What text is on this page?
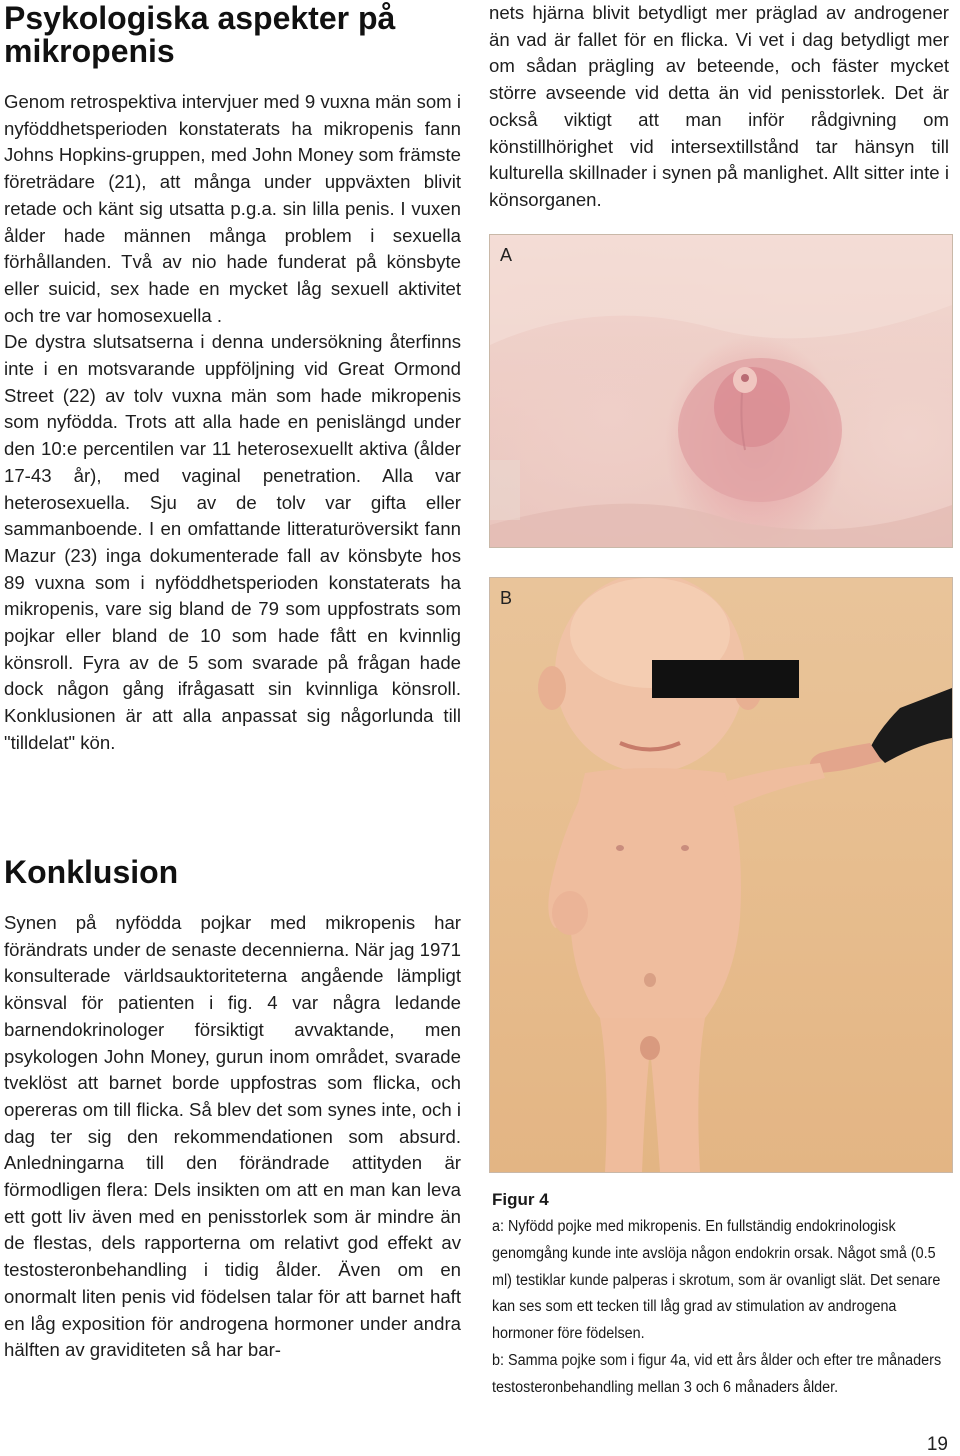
Psykologiska aspekter på mikropenis

Genom retrospektiva intervjuer med 9 vuxna män som i nyföddhetsperioden konstaterats ha mikropenis fann Johns Hopkins-gruppen, med John Money som främste företrädare (21), att många under uppväxten blivit retade och känt sig utsatta p.g.a. sin lilla penis. I vuxen ålder hade männen många problem i sexuella förhållanden. Två av nio hade funderat på könsbyte eller suicid, sex hade en mycket låg sexuell aktivitet och tre var homosexuella .

De dystra slutsatserna i denna undersökning återfinns inte i en motsvarande uppföljning vid Great Ormond Street (22) av tolv vuxna män som hade mikropenis som nyfödda. Trots att alla hade en penislängd under den 10:e percentilen var 11 heterosexuellt aktiva (ålder 17-43 år), med vaginal penetration. Alla var heterosexuella. Sju av de tolv var gifta eller sammanboende. I en omfattande litteraturöversikt fann Mazur (23) inga dokumenterade fall av könsbyte hos 89 vuxna som i nyföddhetsperioden konstaterats ha mikropenis, vare sig bland de 79 som uppfostrats som pojkar eller bland de 10 som hade fått en kvinnlig könsroll. Fyra av de 5 som svarade på frågan hade dock någon gång ifrågasatt sin kvinnliga könsroll. Konklusionen är att alla anpassat sig någorlunda till "tilldelat" kön.

Konklusion

Synen på nyfödda pojkar med mikropenis har förändrats under de senaste decennierna. När jag 1971 konsulterade världsauktoriteterna angående lämpligt könsval för patienten i fig. 4 var några ledande barnendokrinologer försiktigt avvaktande, men psykologen John Money, gurun inom området, svarade tveklöst att barnet borde uppfostras som flicka, och opereras om till flicka. Så blev det som synes inte, och i dag ter sig den rekommendationen som absurd. Anledningarna till den förändrade attityden är förmodligen flera: Dels insikten om att en man kan leva ett gott liv även med en penisstorlek som är mindre än de flestas, dels rapporterna om relativt god effekt av testosteronbehandling i tidig ålder. Även om en onormalt liten penis vid födelsen talar för att barnet haft en låg exposition för androgena hormoner under andra hälften av graviditeten så har bar-

nets hjärna blivit betydligt mer präglad av androgener än vad är fallet för en flicka. Vi vet i dag betydligt mer om sådan prägling av beteende, och fäster mycket större avseende vid detta än vid penisstorlek. Det är också viktigt att man inför rådgivning om könstillhörighet vid intersextillstånd tar hänsyn till kulturella skillnader i synen på manlighet. Allt sitter inte i könsorganen.

A
B
Figur 4

a: Nyfödd pojke med mikropenis. En fullständig endokrinologisk genomgång kunde inte avslöja någon endokrin orsak. Något små (0.5 ml) testiklar kunde palperas i skrotum, som är ovanligt slät. Det senare kan ses som ett tecken till låg grad av stimulation av androgena hormoner före födelsen.

b: Samma pojke som i figur 4a, vid ett års ålder och efter tre månaders testosteronbehandling mellan 3 och 6 månaders ålder.

19
